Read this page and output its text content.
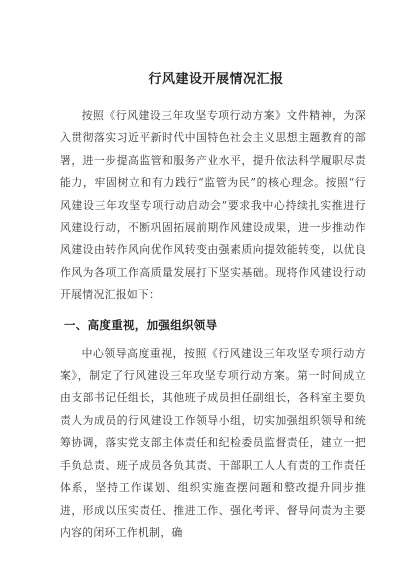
行风建设开展情况汇报

按照《行风建设三年攻坚专项行动方案》文件精神，为深入贯彻落实习近平新时代中国特色社会主义思想主题教育的部署，进一步提高监管和服务产业水平，提升依法科学履职尽责能力，牢固树立和有力践行“监管为民”的核心理念。按照“行风建设三年攻坚专项行动启动会”要求我中心持续扎实推进行风建设行动，不断巩固拓展前期作风建设成果，进一步推动作风建设由转作风向优作风转变由强素质向提效能转变，以优良作风为各项工作高质量发展打下坚实基础。现将作风建设行动开展情况汇报如下：

一、高度重视，加强组织领导

中心领导高度重视，按照《行风建设三年攻坚专项行动方案》，制定了行风建设三年攻坚专项行动方案。第一时间成立由支部书记任组长，其他班子成员担任副组长，各科室主要负责人为成员的行风建设工作领导小组，切实加强组织领导和统筹协调，落实党支部主体责任和纪检委员监督责任，建立一把手负总责、班子成员各负其责、干部职工人人有责的工作责任体系，坚持工作谋划、组织实施查摆问题和整改提升同步推进，形成以压实责任、推进工作、强化考评、督导问责为主要内容的闭环工作机制，确
